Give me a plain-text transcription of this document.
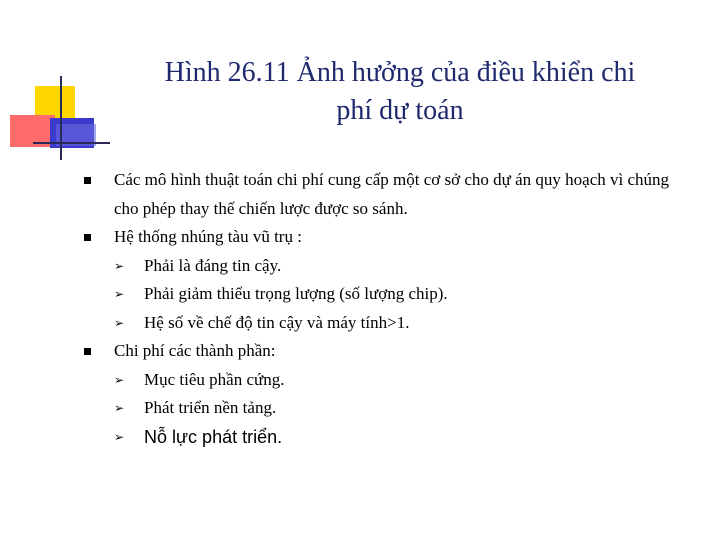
Hình 26.11 Ảnh hưởng của điều khiển chi
phí dự toán
Các mô hình thuật toán chi phí cung cấp một cơ sở cho dự án quy hoạch vì chúng cho phép thay thế chiến lược được so sánh.
Hệ thống nhúng tàu vũ trụ :
➢ Phải là đáng tin cậy.
➢ Phải giảm thiểu trọng lượng (số lượng chip).
➢ Hệ số về chế độ tin cậy và máy tính>1.
Chi phí các thành phần:
➢ Mục tiêu phần cứng.
➢ Phát triển nền tảng.
➢ Nỗ lực phát triển.
